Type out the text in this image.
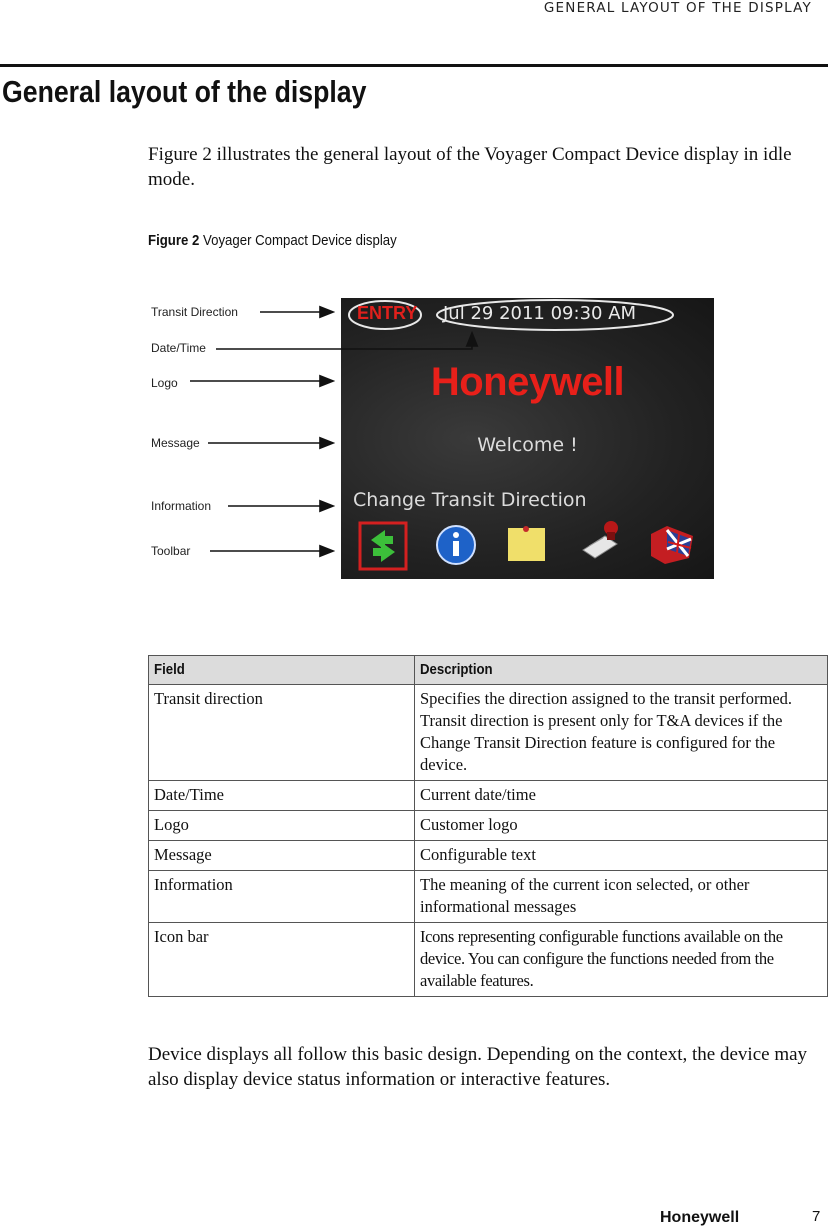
GENERAL LAYOUT OF THE DISPLAY
General layout of the display

Figure 2 illustrates the general layout of the Voyager Compact Device display in idle mode.

Figure 2 Voyager Compact Device display
Transit Direction
Date/Time
Logo
Message
Information
Toolbar
ENTRY Jul 29 2011 09:30 AM
Honeywell
Welcome !
Change Transit Direction
Field	Description
Transit direction	Specifies the direction assigned to the transit performed. Transit direction is present only for T&A devices if the Change Transit Direction feature is configured for the device.
Date/Time	Current date/time
Logo	Customer logo
Message	Configurable text
Information	The meaning of the current icon selected, or other informational messages
Icon bar	Icons representing configurable functions available on the device. You can configure the functions needed from the available features.

Device displays all follow this basic design. Depending on the context, the device may also display device status information or interactive features.

Honeywell	7
